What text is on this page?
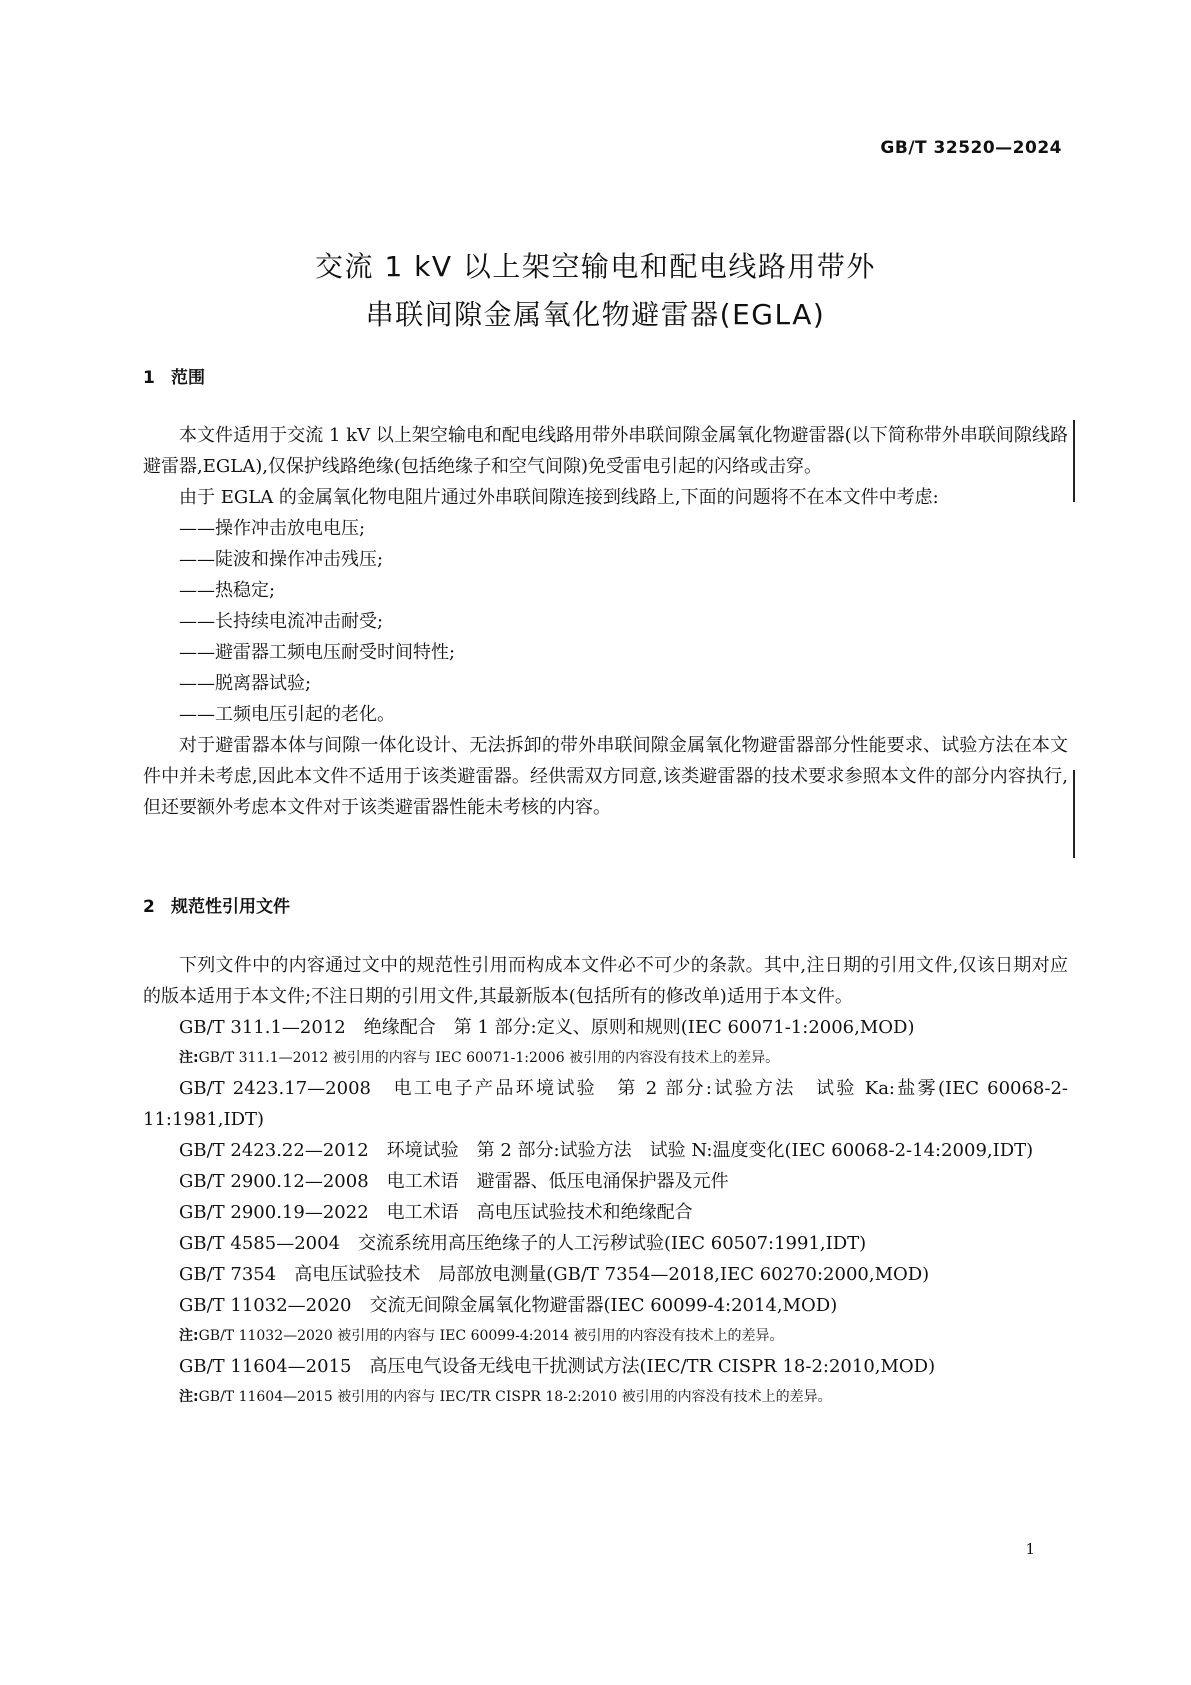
GB/T 32520—2024
交流 1 kV 以上架空输电和配电线路用带外
串联间隙金属氧化物避雷器(EGLA)
1 范围

本文件适用于交流 1 kV 以上架空输电和配电线路用带外串联间隙金属氧化物避雷器(以下简称带外串联间隙线路避雷器,EGLA),仅保护线路绝缘(包括绝缘子和空气间隙)免受雷电引起的闪络或击穿。

由于 EGLA 的金属氧化物电阻片通过外串联间隙连接到线路上,下面的问题将不在本文件中考虑:

——操作冲击放电电压;

——陡波和操作冲击残压;

——热稳定;

——长持续电流冲击耐受;

——避雷器工频电压耐受时间特性;

——脱离器试验;

——工频电压引起的老化。

对于避雷器本体与间隙一体化设计、无法拆卸的带外串联间隙金属氧化物避雷器部分性能要求、试验方法在本文件中并未考虑,因此本文件不适用于该类避雷器。经供需双方同意,该类避雷器的技术要求参照本文件的部分内容执行,但还要额外考虑本文件对于该类避雷器性能未考核的内容。

2 规范性引用文件

下列文件中的内容通过文中的规范性引用而构成本文件必不可少的条款。其中,注日期的引用文件,仅该日期对应的版本适用于本文件;不注日期的引用文件,其最新版本(包括所有的修改单)适用于本文件。

GB/T 311.1—2012　绝缘配合　第 1 部分:定义、原则和规则(IEC 60071-1:2006,MOD)

注:GB/T 311.1—2012 被引用的内容与 IEC 60071-1:2006 被引用的内容没有技术上的差异。

GB/T 2423.17—2008　电工电子产品环境试验　第 2 部分:试验方法　试验 Ka:盐雾(IEC 60068-2-11:1981,IDT)

GB/T 2423.22—2012　环境试验　第 2 部分:试验方法　试验 N:温度变化(IEC 60068-2-14:2009,IDT)

GB/T 2900.12—2008　电工术语　避雷器、低压电涌保护器及元件

GB/T 2900.19—2022　电工术语　高电压试验技术和绝缘配合

GB/T 4585—2004　交流系统用高压绝缘子的人工污秽试验(IEC 60507:1991,IDT)

GB/T 7354　高电压试验技术　局部放电测量(GB/T 7354—2018,IEC 60270:2000,MOD)

GB/T 11032—2020　交流无间隙金属氧化物避雷器(IEC 60099-4:2014,MOD)

注:GB/T 11032—2020 被引用的内容与 IEC 60099-4:2014 被引用的内容没有技术上的差异。

GB/T 11604—2015　高压电气设备无线电干扰测试方法(IEC/TR CISPR 18-2:2010,MOD)

注:GB/T 11604—2015 被引用的内容与 IEC/TR CISPR 18-2:2010 被引用的内容没有技术上的差异。

1
